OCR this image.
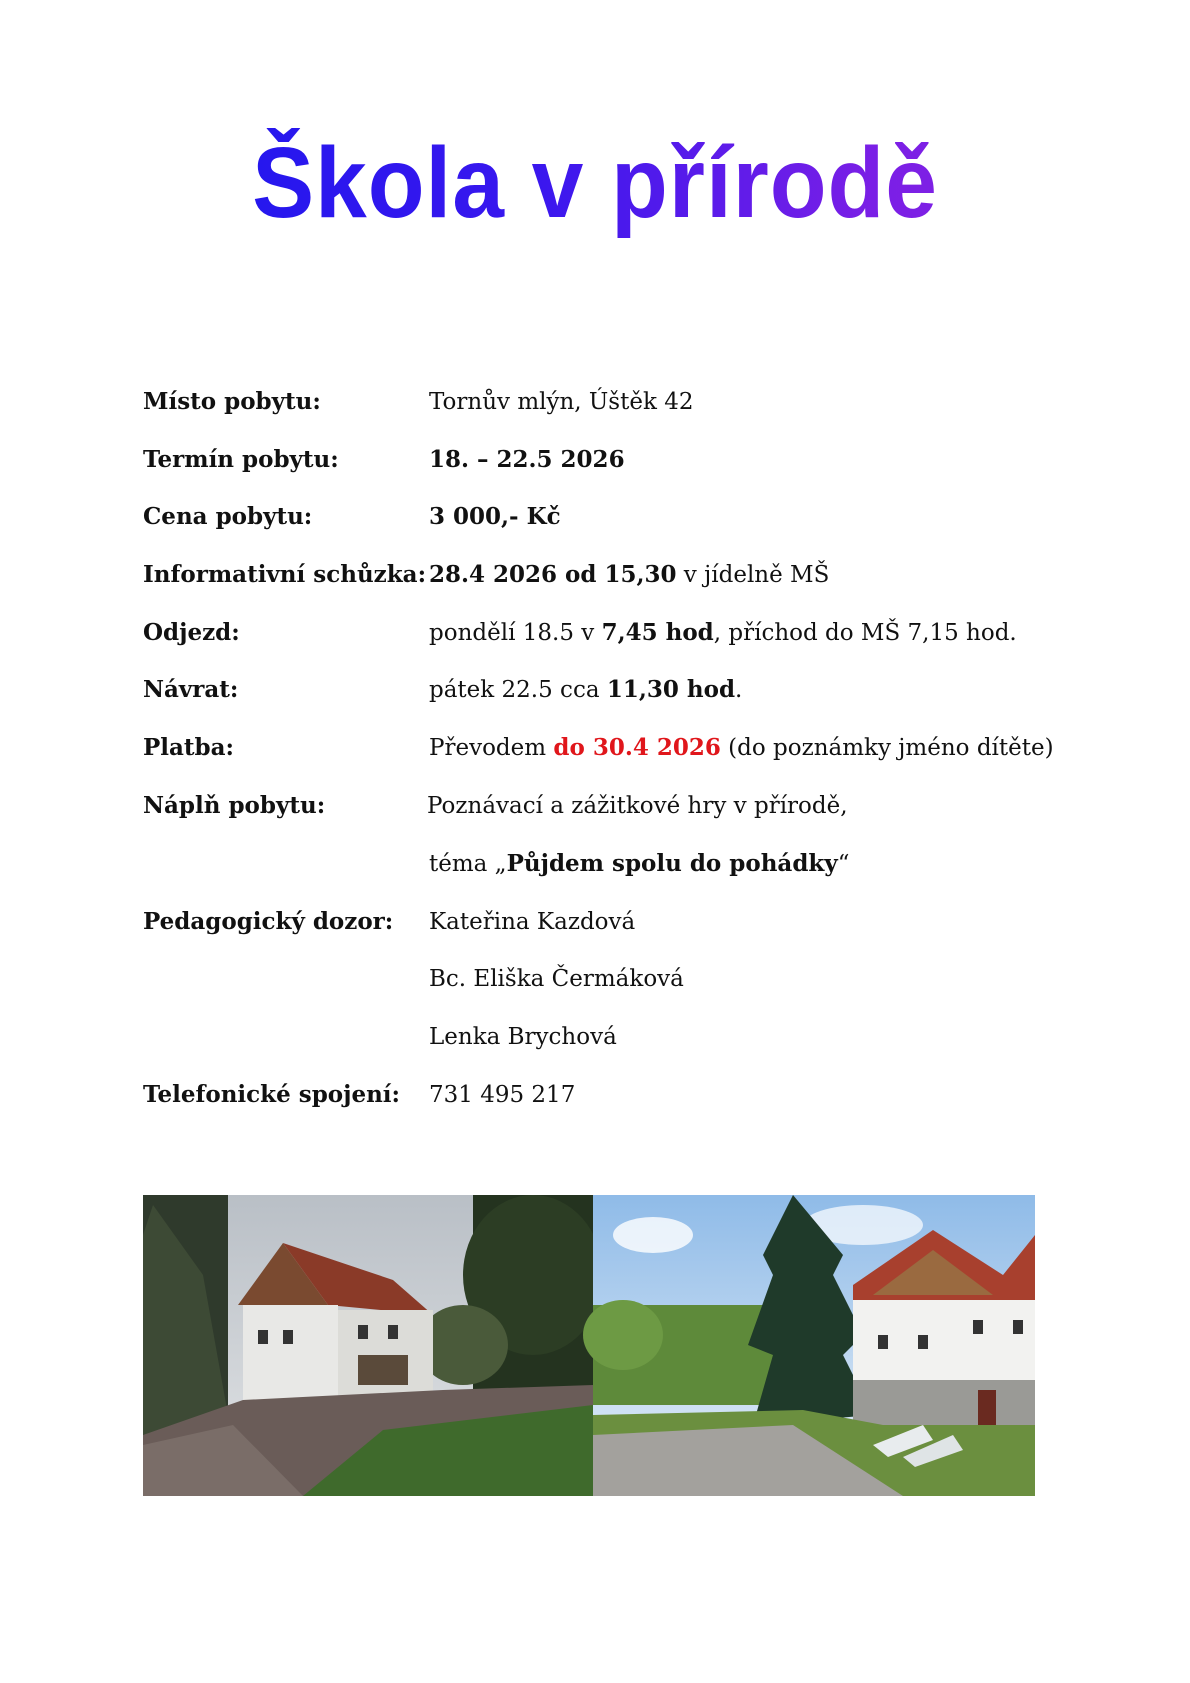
Škola v přírodě
Místo pobytu:	Tornův mlýn, Úštěk 42
Termín pobytu:	18. – 22.5 2026
Cena pobytu:	3 000,- Kč
Informativní schůzka: 28.4 2026 od 15,30 v jídelně MŠ
Odjezd:	pondělí 18.5 v 7,45 hod, příchod do MŠ 7,15 hod.
Návrat:	pátek 22.5 cca 11,30 hod.
Platba:	Převodem do 30.4 2026 (do poznámky jméno dítěte)
Náplň pobytu:	Poznávací a zážitkové hry v přírodě,
téma „Půjdem spolu do pohádky“
Pedagogický dozor: Kateřina Kazdová
Bc. Eliška Čermáková
Lenka Brychová
Telefonické spojení: 731 495 217
